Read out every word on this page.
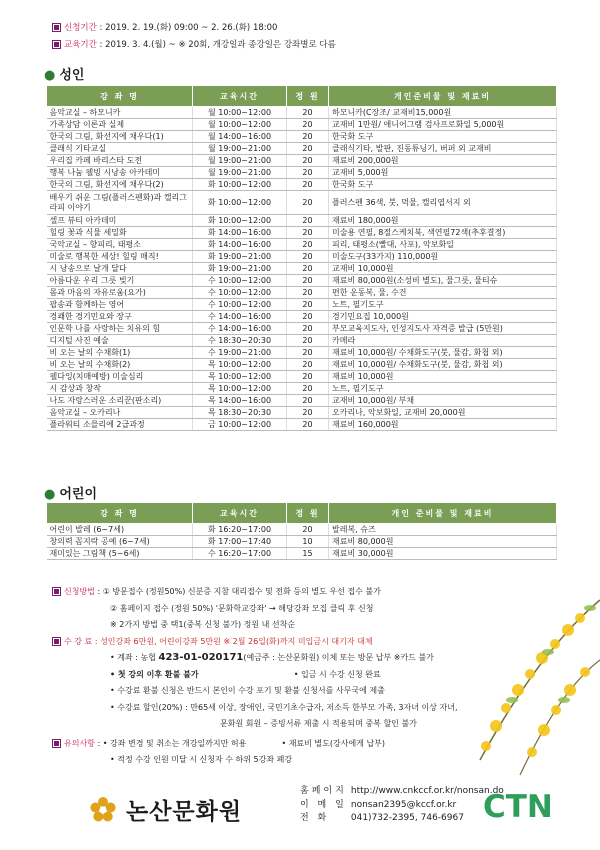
신청기간 : 2019. 2. 19.(화) 09:00 ~ 2. 26.(화) 18:00
교육기간 : 2019. 3. 4.(월) ~ ※ 20회, 개강일과 종강일은 강좌별로 다름
● 성인
강 좌 명	교육시간	정 원	개인준비물 및 재료비
음악교실 – 하모니카	월 10:00~12:00	20	하모니카(C장조/ 교재비15,000원
가족상담 이론과 실제	월 10:00~12:00	20	교재비 1만원/ 애니어그램 검사프로화일 5,000원
한국의 그림, 화선지에 채우다(1)	월 14:00~16:00	20	한국화 도구
클래식 기타교실	월 19:00~21:00	20	클래식기타, 발판, 진동튜닝기, 버퍼 외 교재비
우리집 카페 바리스타 도전	월 19:00~21:00	20	재료비 200,000원
행복 나눔 웰빙 시낭송 아카데미	월 19:00~21:00	20	교재비 5,000원
한국의 그림, 화선지에 채우다(2)	화 10:00~12:00	20	한국화 도구
배우기 쉬운 그림(플러스펜화)과 캘리그라피 이야기	화 10:00~12:00	20	플러스펜 36색, 붓, 먹물, 캘리엽서지 외
셀프 뷰티 아카데미	화 10:00~12:00	20	재료비 180,000원
힐링 꽃과 식물 세밀화	화 14:00~16:00	20	미술용 연필, 8절스케치북, 색연필72색(추후결정)
국악교실 – 향피리, 태평소	화 14:00~16:00	20	피리, 태평소(빨대, 사포), 악보화일
미술로 행복한 세상! 힐링 매직!	화 19:00~21:00	20	미술도구(33가지) 110,000원
시 낭송으로 날개 달다	화 19:00~21:00	20	교재비 10,000원
아름다운 우리 그릇 빚기	수 10:00~12:00	20	재료비 80,000원(소성비 별도), 물그릇, 물티슈
몸과 마음의 자유로움(요가)	수 10:00~12:00	20	편한 운동복, 물, 수건
팝송과 함께하는 영어	수 10:00~12:00	20	노트, 필기도구
경쾌한 경기민요와 장구	수 14:00~16:00	20	경기민요집 10,000원
인문학 나를 사랑하는 치유의 힘	수 14:00~16:00	20	부모교육지도사, 인성지도사 자격증 발급 (5만원)
디지털 사진 예술	수 18:30~20:30	20	카메라
비 오는 날의 수채화(1)	수 19:00~21:00	20	재료비 10,000원/ 수채화도구(붓, 물감, 화첩 외)
비 오는 날의 수채화(2)	목 10:00~12:00	20	재료비 10,000원/ 수채화도구(붓, 물감, 화첩 외)
웰다잉(치매예방) 미술심리	목 10:00~12:00	20	재료비 10,000원
시 감상과 창작	목 10:00~12:00	20	노트, 필기도구
나도 자랑스러운 소리꾼(판소리)	목 14:00~16:00	20	교재비 10,000원/ 부채
음악교실 – 오카리나	목 18:30~20:30	20	오카리나, 악보화일, 교재비 20,000원
플라워티 소믈리에 2급과정	금 10:00~12:00	20	재료비 160,000원
● 어린이
강 좌 명	교육시간	정 원	개인 준비물 및 재료비
어린이 발레 (6~7세)	화 16:20~17:00	20	발레복, 슈즈
창의력 꼼지락 공예 (6~7세)	화 17:00~17:40	10	재료비 80,000원
재미있는 그림책 (5~6세)	수 16:20~17:00	15	재료비 30,000원
신청방법 : ① 방문접수 (정원50%) 신분증 지참 대리접수 및 전화 등의 별도 우선 접수 불가
② 홈페이지 접수 (정원 50%) '문화학교강좌' → 해당강좌 모집 클릭 후 신청
※ 2가지 방법 중 택1(중복 신청 불가) 정원 내 선착순
수 강 료 : 성인강좌 6만원, 어린이강좌 5만원 ※ 2월 26일(화)까지 미입금시 대기자 대체
• 계좌 : 농협 423-01-020171(예금주 : 논산문화원) 이체 또는 방문 납부 ※카드 불가
• 첫 강의 이후 환불 불가	• 입금 시 수강 신청 완료
• 수강료 환불 신청은 반드시 본인이 수강 포기 및 환불 신청서를 사무국에 제출
• 수강료 할인(20%) : 만65세 이상, 장애인, 국민기초수급자, 저소득 한부모 가족, 3자녀 이상 자녀,
문화원 회원 – 증빙서류 제출 시 적용되며 중복 할인 불가
유의사항 : • 강좌 변경 및 취소는 개강일까지만 허용	• 재료비 별도(강사에게 납부)
• 적정 수강 인원 미달 시 신청자 수 하위 5강좌 폐강
논산문화원
홈페이지 http://www.cnkccf.or.kr/nonsan.do
이 메 일 nonsan2395@kccf.or.kr
전 화 041)732-2395, 746-6967 CTN
